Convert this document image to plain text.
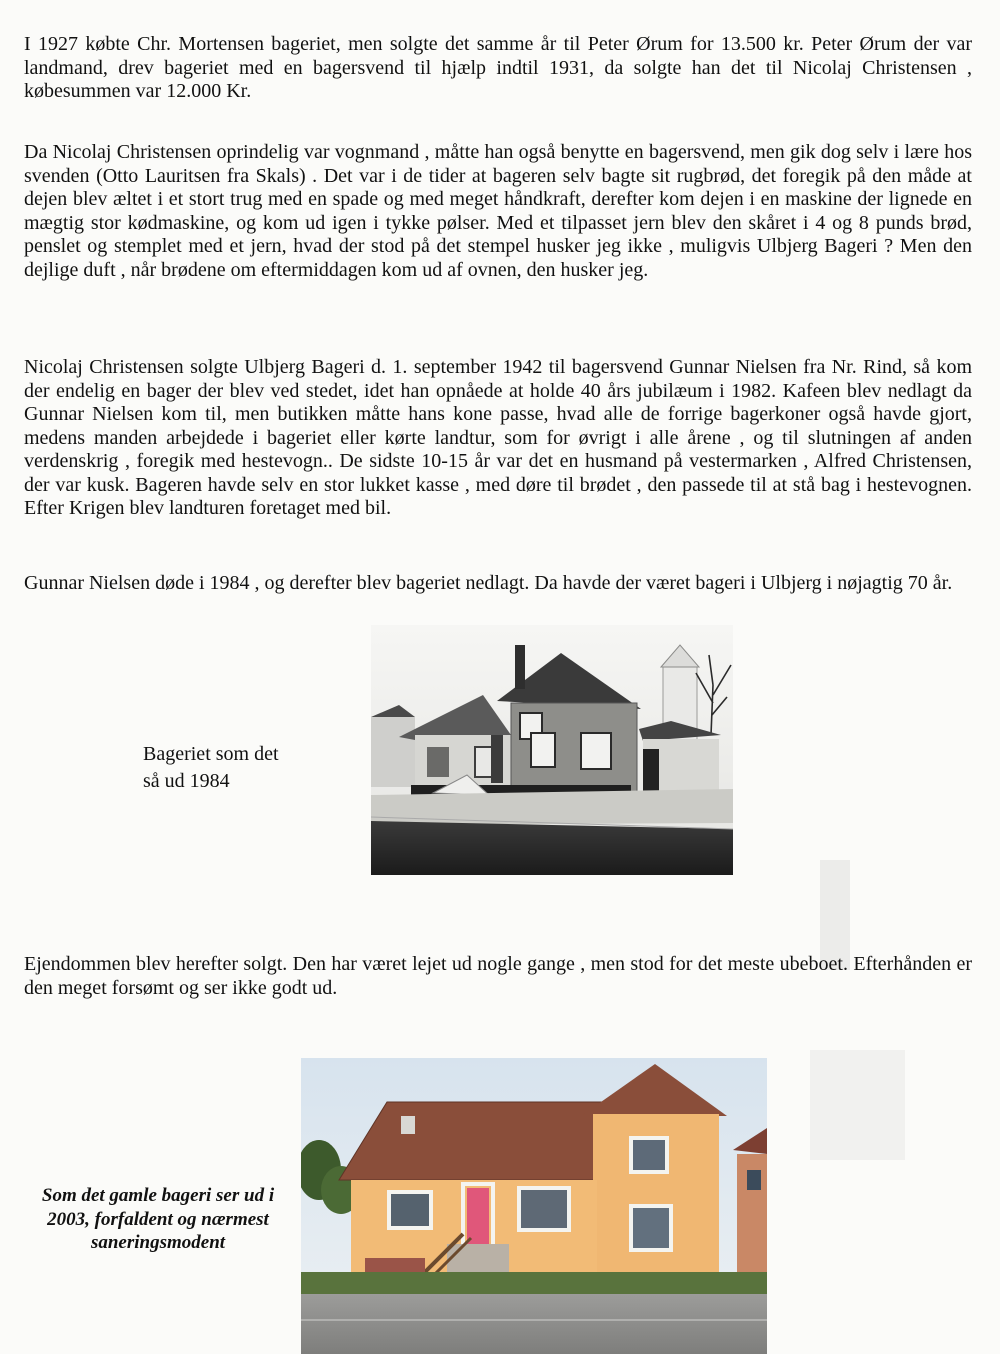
I 1927 købte Chr. Mortensen bageriet, men solgte det samme år til Peter Ørum for 13.500 kr. Peter Ørum der var landmand, drev bageriet med en bagersvend til hjælp indtil 1931, da solgte han det til Nicolaj Christensen , købesummen var 12.000 Kr.

Da Nicolaj Christensen oprindelig var vognmand , måtte han også benytte en bagersvend, men gik dog selv i lære hos svenden (Otto Lauritsen fra Skals) . Det var i de tider at bageren selv bagte sit rugbrød, det foregik på den måde at dejen blev æltet i et stort trug med en spade og med meget håndkraft, derefter kom dejen i en maskine der lignede en mægtig stor kødmaskine, og kom ud igen i tykke pølser. Med et tilpasset jern blev den skåret i 4 og 8 punds brød, penslet og stemplet med et jern, hvad der stod på det stempel husker jeg ikke , muligvis Ulbjerg Bageri ? Men den dejlige duft , når brødene om eftermiddagen kom ud af ovnen, den husker jeg.

Nicolaj Christensen solgte Ulbjerg Bageri d. 1. september 1942 til bagersvend Gunnar Nielsen fra Nr. Rind, så kom der endelig en bager der blev ved stedet, idet han opnåede at holde 40 års jubilæum i 1982. Kafeen blev nedlagt da Gunnar Nielsen kom til, men butikken måtte hans kone passe, hvad alle de forrige bagerkoner også havde gjort, medens manden arbejdede i bageriet eller kørte landtur, som for øvrigt i alle årene , og til slutningen af anden verdenskrig , foregik med hestevogn.. De sidste 10-15 år var det en husmand på vestermarken , Alfred Christensen, der var kusk. Bageren havde selv en stor lukket kasse , med døre til brødet , den passede til at stå bag i hestevognen. Efter Krigen blev landturen foretaget med bil.

Gunnar Nielsen døde i 1984 , og derefter blev bageriet nedlagt. Da havde der været bageri i Ulbjerg i nøjagtig 70 år.

Bageriet som det
så ud 1984

Ejendommen blev herefter solgt. Den har været lejet ud nogle gange , men stod for det meste ubeboet. Efterhånden er den meget forsømt og ser ikke godt ud.

Som det gamle bageri ser ud i 2003, forfaldent og nærmest saneringsmodent
